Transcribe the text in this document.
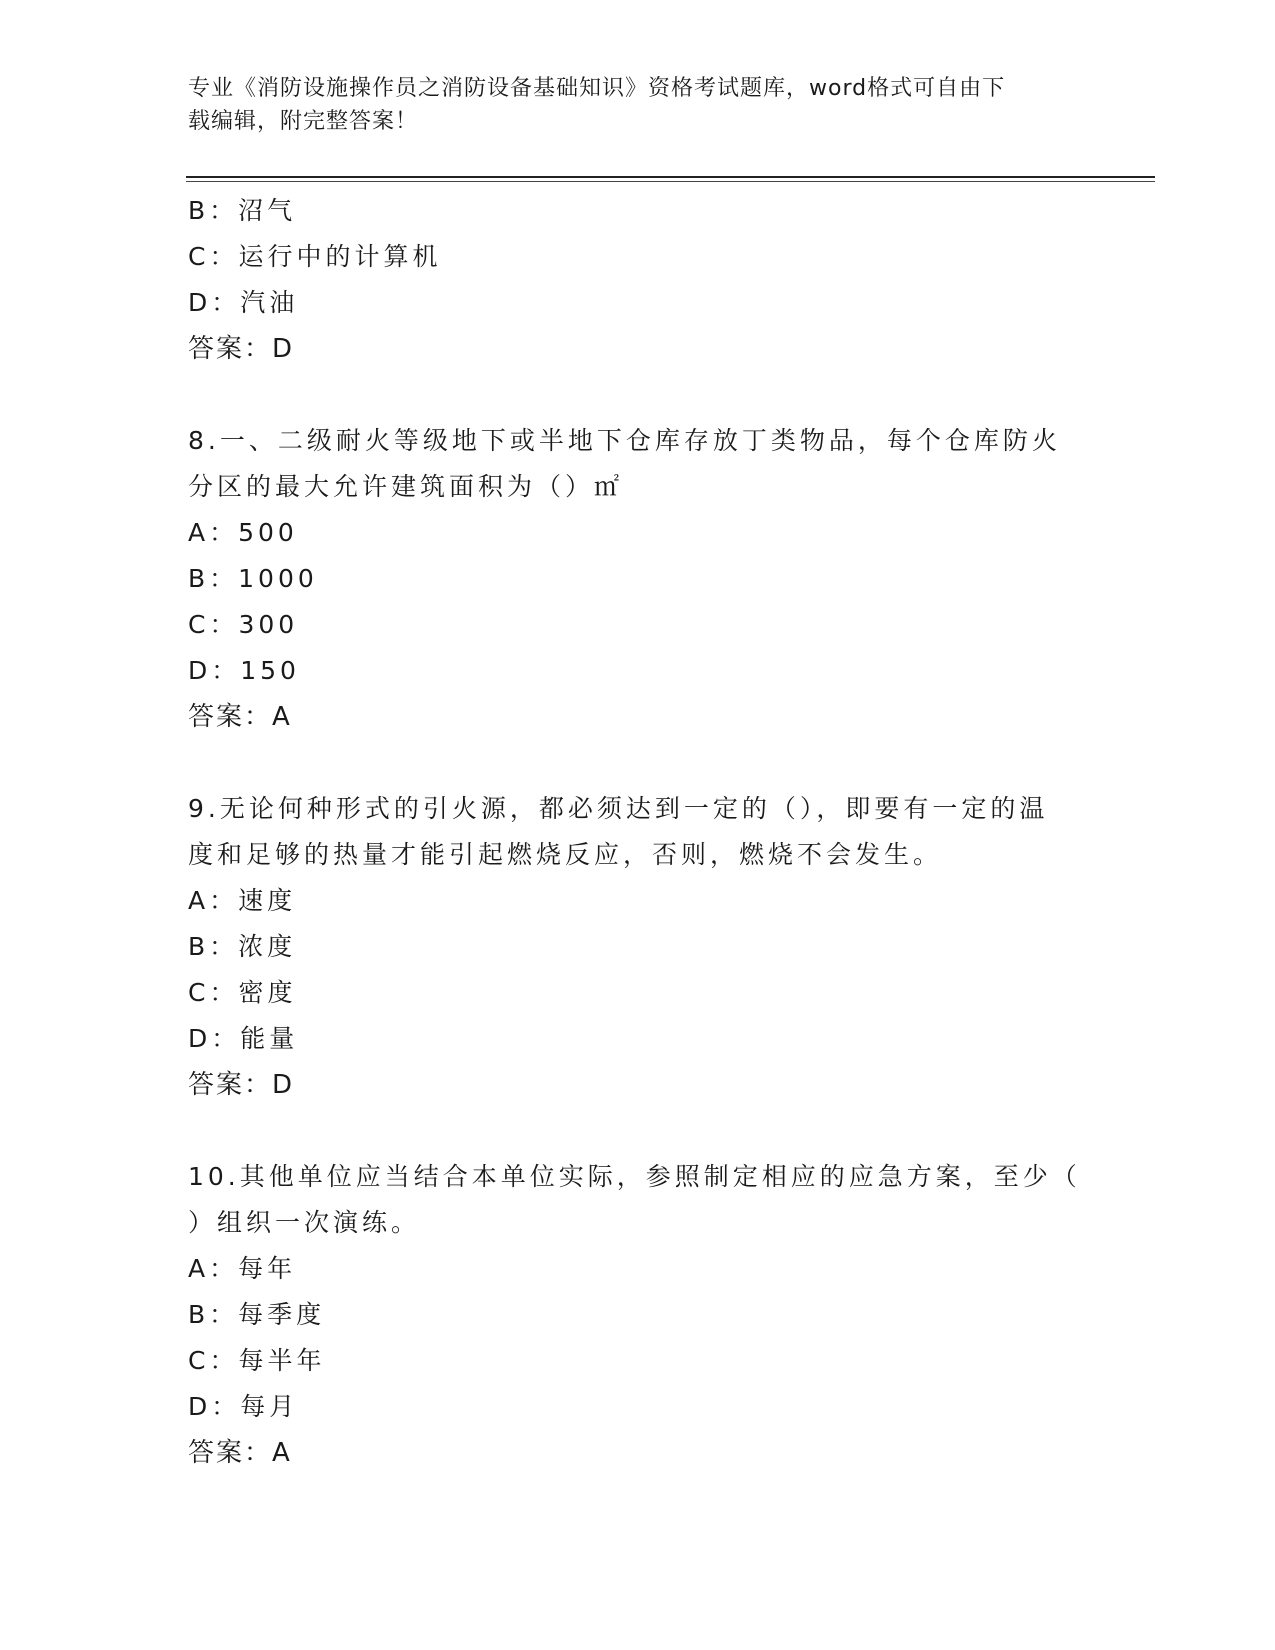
专业《消防设施操作员之消防设备基础知识》资格考试题库，word格式可自由下
载编辑，附完整答案！
B：沼气
C：运行中的计算机
D：汽油
答案：D
8.一、二级耐火等级地下或半地下仓库存放丁类物品，每个仓库防火
分区的最大允许建筑面积为（）㎡
A：500
B：1000
C：300
D：150
答案：A
9.无论何种形式的引火源，都必须达到一定的（），即要有一定的温
度和足够的热量才能引起燃烧反应，否则，燃烧不会发生。
A：速度
B：浓度
C：密度
D：能量
答案：D
10.其他单位应当结合本单位实际，参照制定相应的应急方案，至少（
）组织一次演练。
A：每年
B：每季度
C：每半年
D：每月
答案：A
